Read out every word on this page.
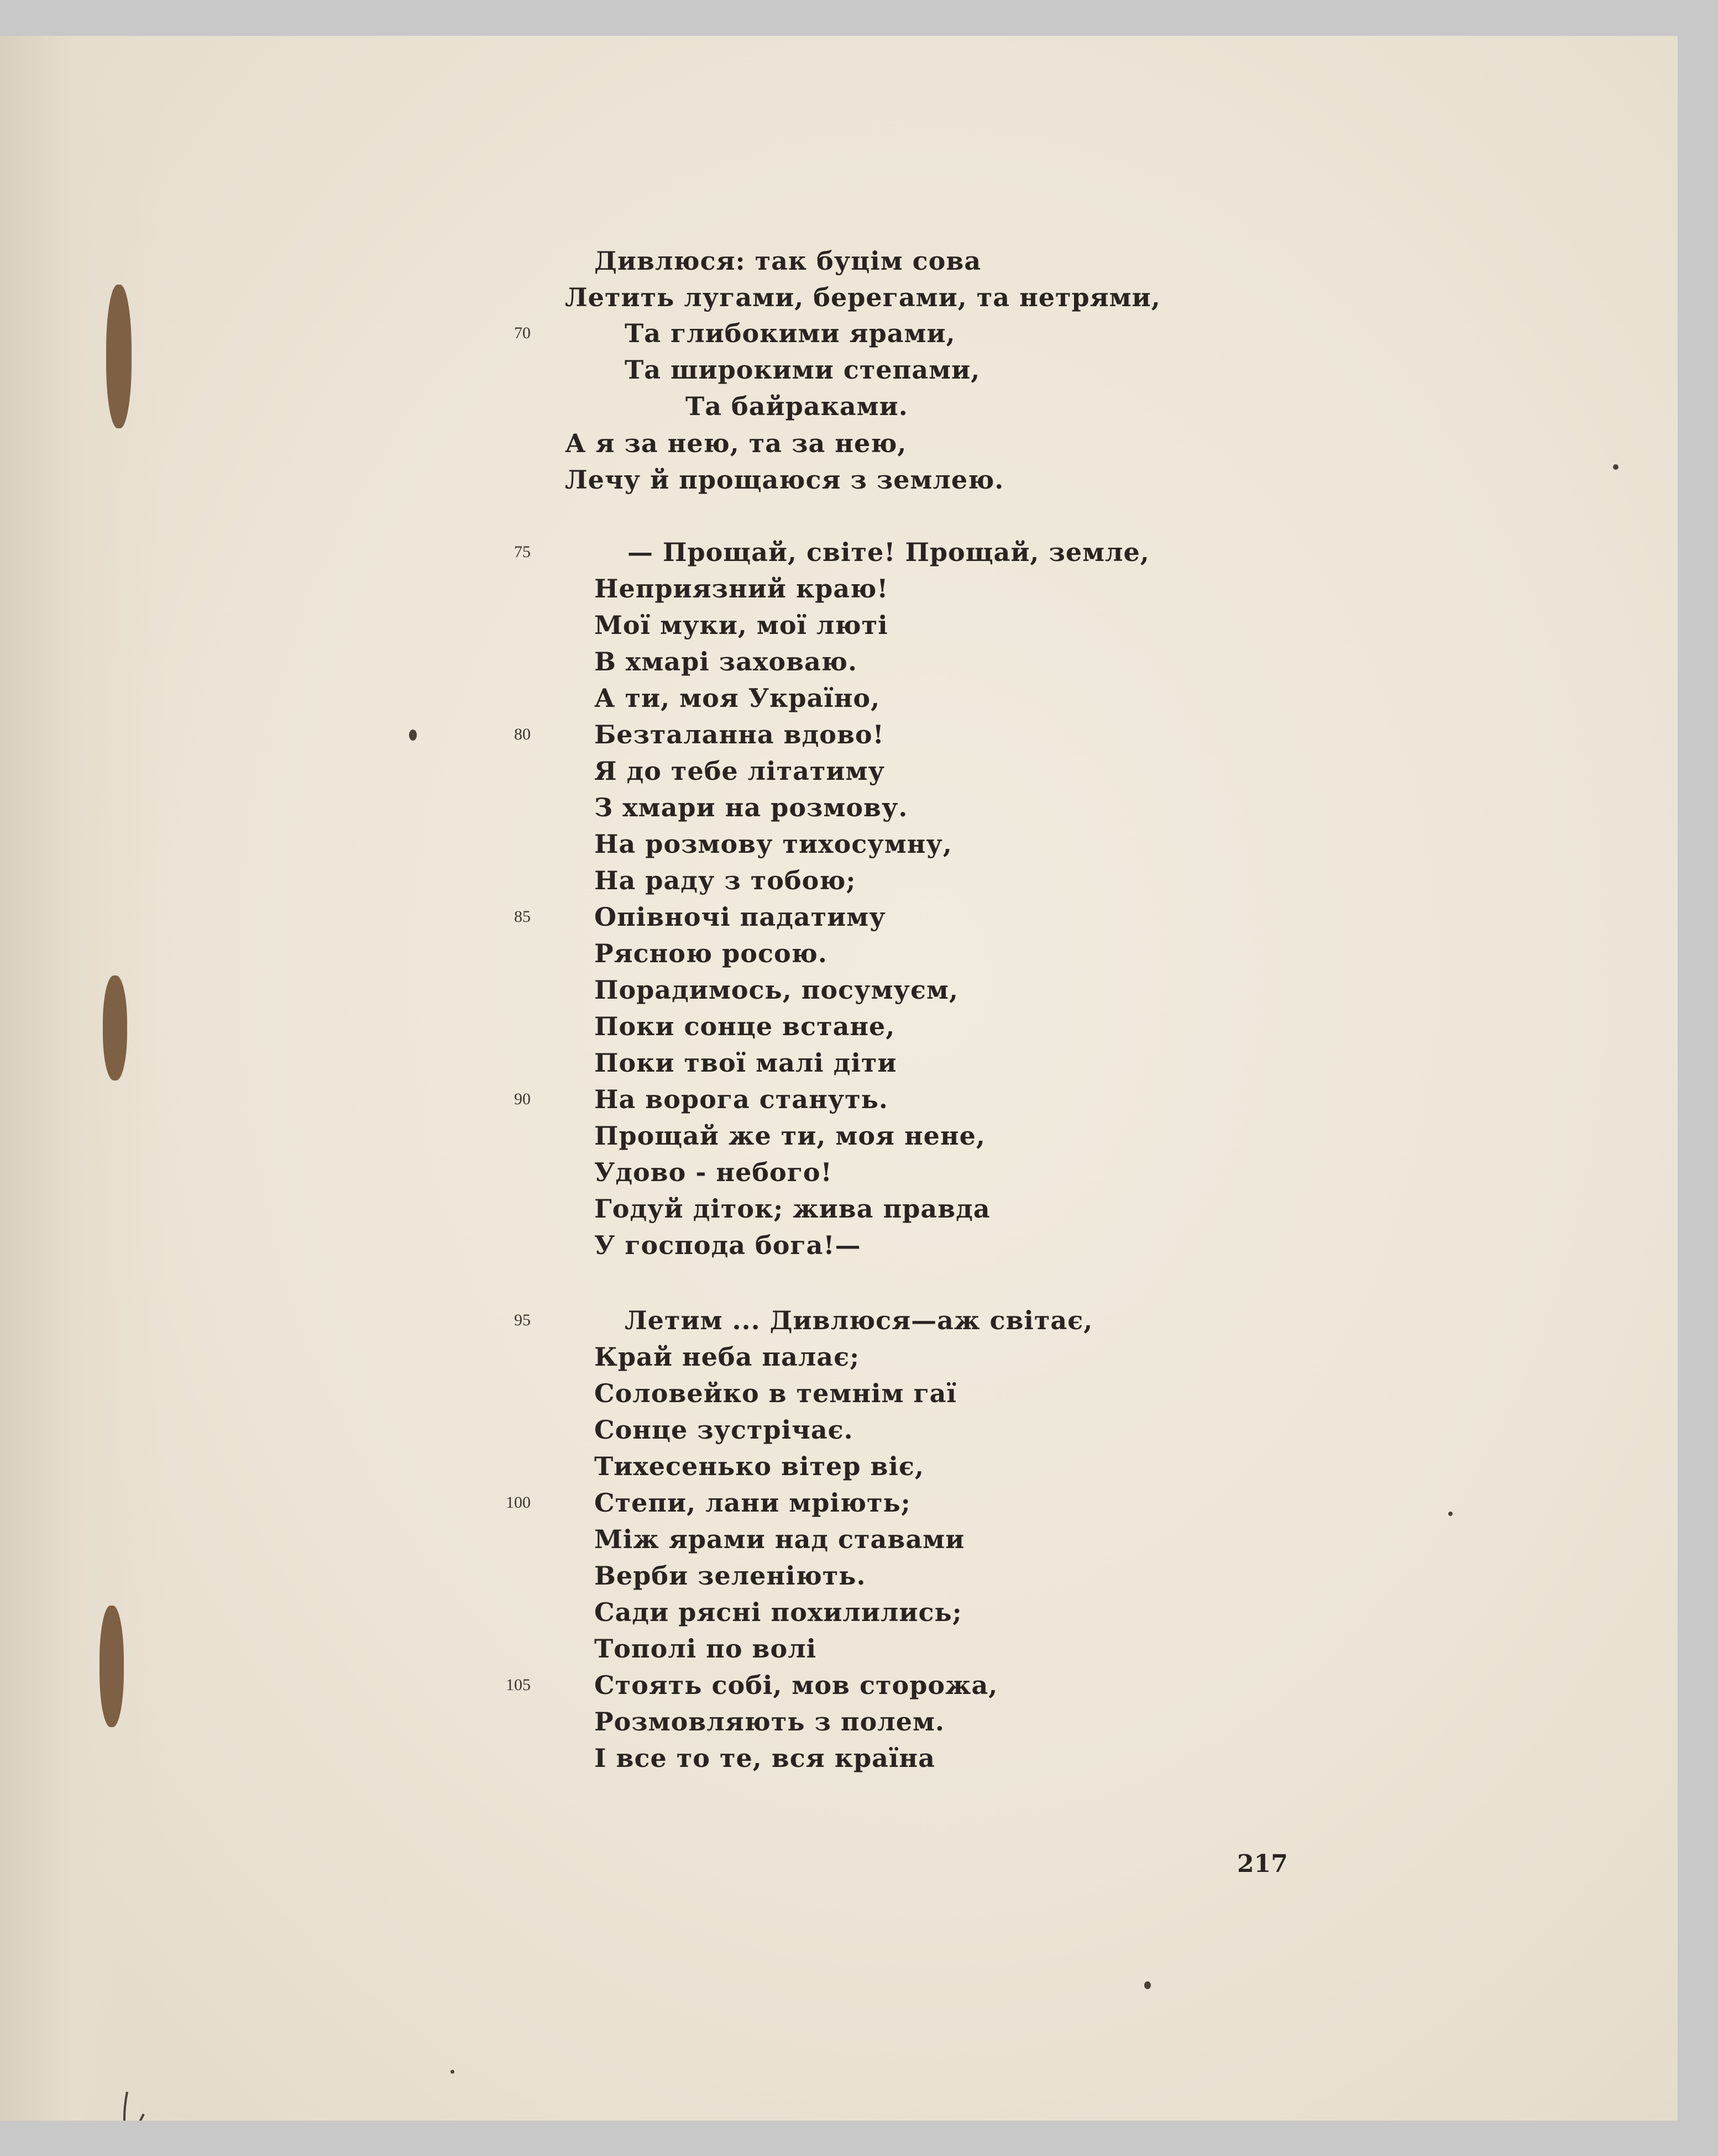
Дивлюся: так буцім сова
Летить лугами, берегами, та нетрями,
70	Та глибокими ярами,
Та широкими степами,
Та байраками.
А я за нею, та за нею,
Лечу й прощаюся з землею.
75	— Прощай, світе! Прощай, земле,
Неприязний краю!
Мої муки, мої люті
В хмарі заховаю.
А ти, моя Україно,
80	Безталанна вдово!
Я до тебе літатиму
З хмари на розмову.
На розмову тихосумну,
На раду з тобою;
85	Опівночі падатиму
Рясною росою.
Порадимось, посумуєм,
Поки сонце встане,
Поки твої малі діти
90	На ворога стануть.
Прощай же ти, моя нене,
Удово - небого!
Годуй діток; жива правда
У господа бога!—
95	Летим ... Дивлюся—аж світає,
Край неба палає;
Соловейко в темнім гаї
Сонце зустрічає.
Тихесенько вітер віє,
100	Степи, лани мріють;
Між ярами над ставами
Верби зеленіють.
Сади рясні похилились;
Тополі по волі
105	Стоять собі, мов сторожа,
Розмовляють з полем.
І все то те, вся країна
217
